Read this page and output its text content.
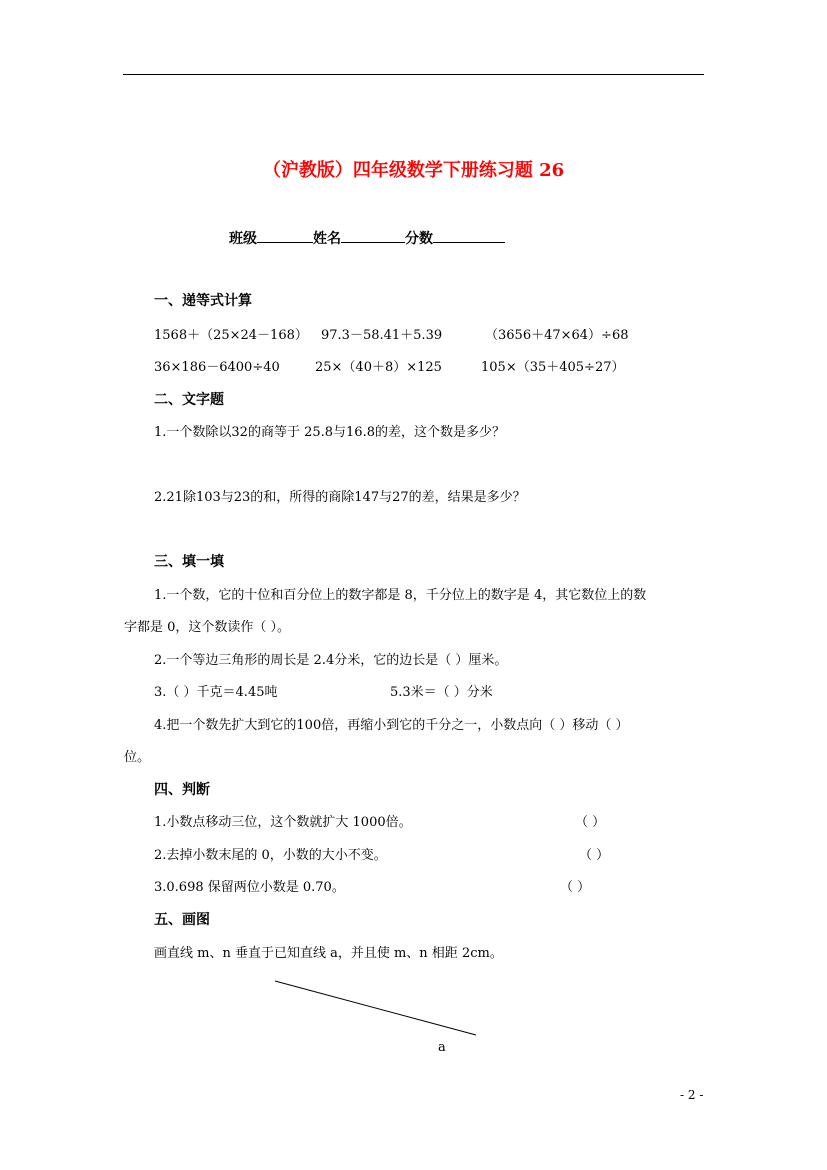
（沪教版）四年级数学下册练习题 26
班级	姓名	分数
一、递等式计算
1568＋（25×24－168） 97.3－58.41＋5.39	（3656＋47×64）÷68
36×186－6400÷40	25×（40＋8）×125	105×（35＋405÷27）
二、文字题
1.一个数除以32的商等于 25.8与16.8的差，这个数是多少？
2.21除103与23的和，所得的商除147与27的差，结果是多少？
三、填一填
1.一个数，它的十位和百分位上的数字都是 8，千分位上的数字是 4，其它数位上的数
字都是 0，这个数读作（ ）。
2.一个等边三角形的周长是 2.4分米，它的边长是（ ）厘米。
3.（ ）千克＝4.45吨	5.3米＝（ ）分米
4.把一个数先扩大到它的100倍，再缩小到它的千分之一，小数点向（ ）移动（ ）
位。
四、判断
1.小数点移动三位，这个数就扩大 1000倍。	（ ）
2.去掉小数末尾的 0，小数的大小不变。	（ ）
3.0.698 保留两位小数是 0.70。	（ ）
五、画图
画直线 m、n 垂直于已知直线 a，并且使 m、n 相距 2cm。
a
- 2 -
